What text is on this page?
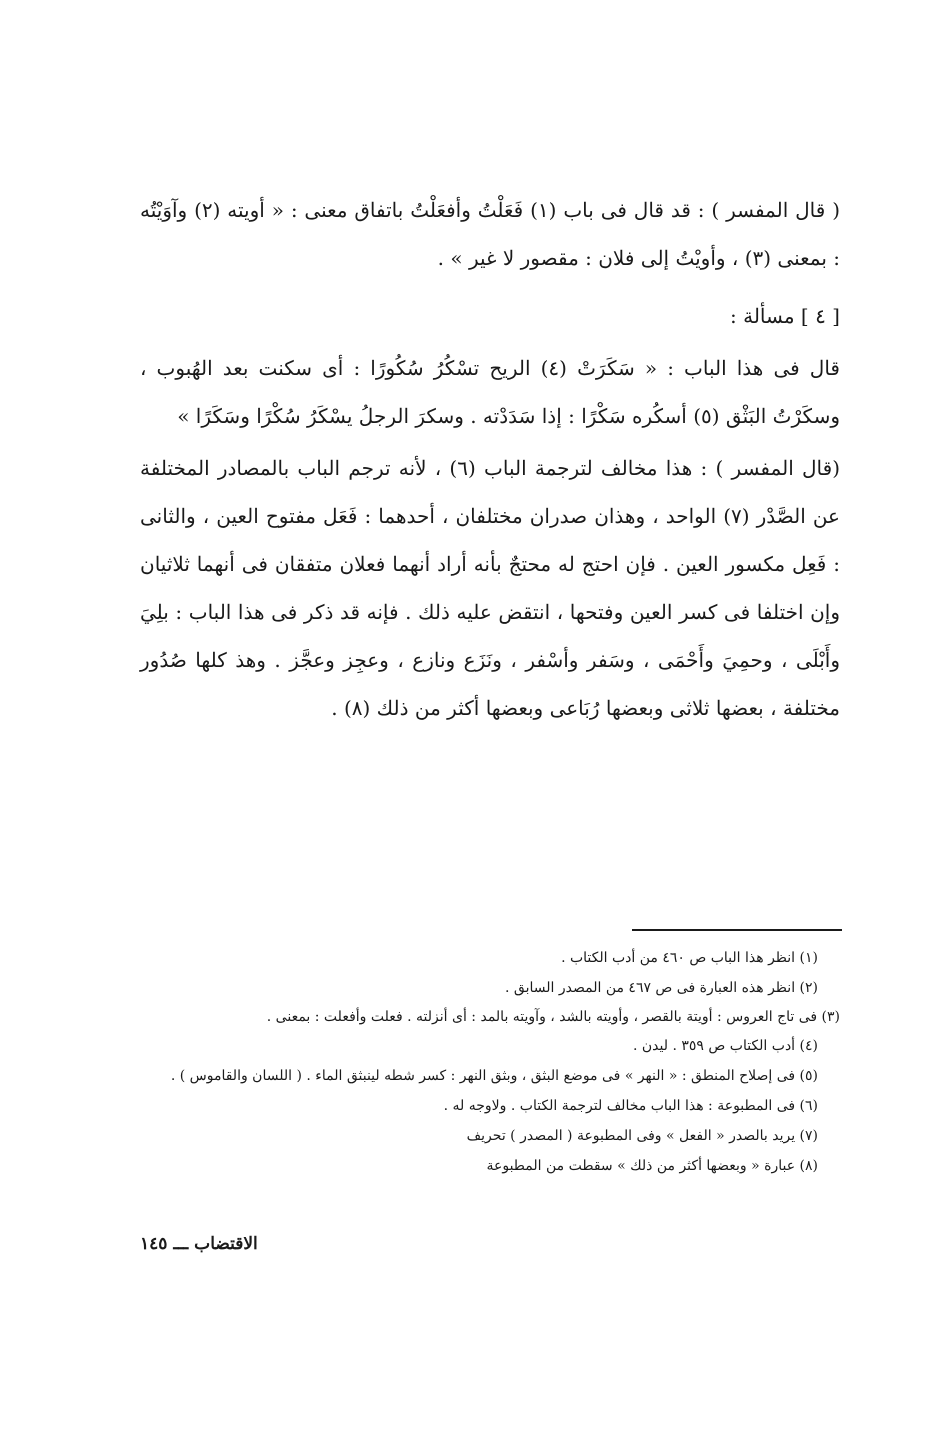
( قال المفسر ) : قد قال فى باب (١) فَعَلْتُ وأفعَلْتُ باتفاق معنى : « أويته (٢) وآوَيْتُه : بمعنى (٣) ، وأويْتُ إلى فلان : مقصور لا غير » .

[ ٤ ] مسألة :

قال فى هذا الباب : « سَكَرَتْ (٤) الريح تسْكُرُ سُكُورًا : أى سكنت بعد الهُبوب ، وسكَرْتُ البَثْق (٥) أسكُره سَكْرًا : إذا سَدَدْته . وسكرَ الرجلُ يسْكَرُ سُكْرًا وسَكَرًا »

(قال المفسر ) : هذا مخالف لترجمة الباب (٦) ، لأنه ترجم الباب بالمصادر المختلفة عن الصَّدْر (٧) الواحد ، وهذان صدران مختلفان ، أحدهما : فَعَل مفتوح العين ، والثانى : فَعِل مكسور العين . فإن احتج له محتجٌ بأنه أراد أنهما فعلان متفقان فى أنهما ثلاثيان وإن اختلفا فى كسر العين وفتحها ، انتقض عليه ذلك . فإنه قد ذكر فى هذا الباب : بلِيَ وأَبْلَى ، وحمِيَ وأَحْمَى ، وسَفر وأسْفر ، ونَزَع ونازع ، وعجِز وعجَّز . وهذ كلها صُدُور مختلفة ، بعضها ثلاثى وبعضها رُبَاعى وبعضها أكثر من ذلك (٨) .

(١) انظر هذا الباب ص ٤٦٠ من أدب الكتاب .
(٢) انظر هذه العبارة فى ص ٤٦٧ من المصدر السابق .
(٣) فى تاج العروس : أويتة بالقصر ، وأويته بالشد ، وآويته بالمد : أى أنزلته . فعلت وأفعلت : بمعنى .
(٤) أدب الكتاب ص ٣٥٩ . ليدن .
(٥) فى إصلاح المنطق : « النهر » فى موضع البثق ، وبثق النهر : كسر شطه لينبثق الماء . ( اللسان والقاموس ) .
(٦) فى المطبوعة : هذا الباب مخالف لترجمة الكتاب . ولاوجه له .
(٧) يريد بالصدر « الفعل » وفى المطبوعة ( المصدر ) تحريف
(٨) عبارة « وبعضها أكثر من ذلك » سقطت من المطبوعة
الاقتضاب ـــ ١٤٥
